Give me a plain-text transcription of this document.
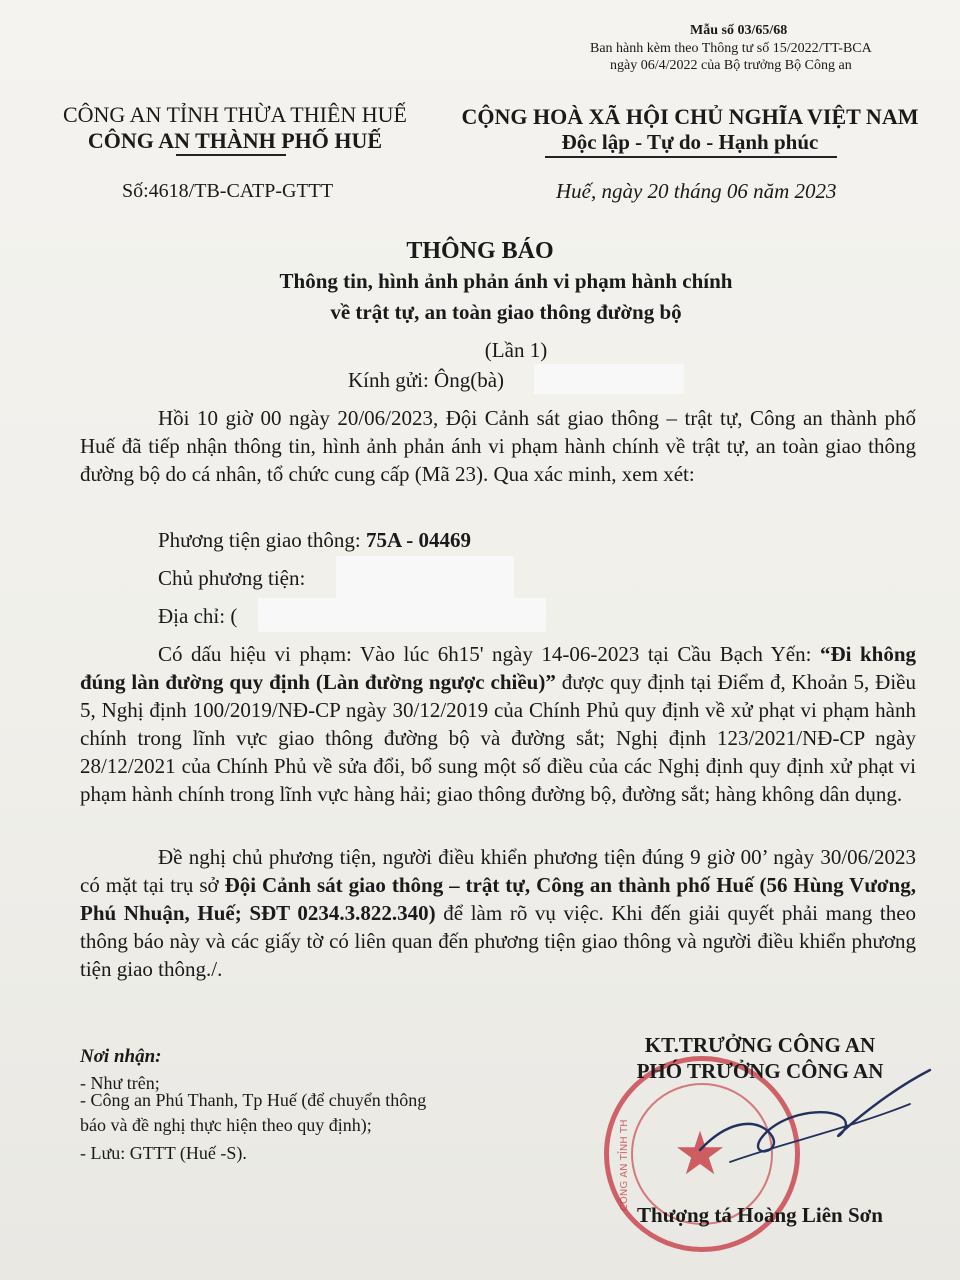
Mẫu số 03/65/68
Ban hành kèm theo Thông tư số 15/2022/TT-BCA
ngày 06/4/2022 của Bộ trưởng Bộ Công an
CÔNG AN TỈNH THỪA THIÊN HUẾ
CÔNG AN THÀNH PHỐ HUẾ
Số:4618/TB-CATP-GTTT
CỘNG HOÀ XÃ HỘI CHỦ NGHĨA VIỆT NAM
Độc lập - Tự do - Hạnh phúc
Huế, ngày 20 tháng 06 năm 2023
THÔNG BÁO
Thông tin, hình ảnh phản ánh vi phạm hành chính
về trật tự, an toàn giao thông đường bộ
(Lần 1)
Kính gửi: Ông(bà)
Hồi 10 giờ 00 ngày 20/06/2023, Đội Cảnh sát giao thông – trật tự, Công an thành phố Huế đã tiếp nhận thông tin, hình ảnh phản ánh vi phạm hành chính về trật tự, an toàn giao thông đường bộ do cá nhân, tổ chức cung cấp (Mã 23). Qua xác minh, xem xét:
Phương tiện giao thông: 75A - 04469
Chủ phương tiện:
Địa chỉ: (
Có dấu hiệu vi phạm: Vào lúc 6h15' ngày 14-06-2023 tại Cầu Bạch Yến: “Đi không đúng làn đường quy định (Làn đường ngược chiều)” được quy định tại Điểm đ, Khoản 5, Điều 5, Nghị định 100/2019/NĐ-CP ngày 30/12/2019 của Chính Phủ quy định về xử phạt vi phạm hành chính trong lĩnh vực giao thông đường bộ và đường sắt; Nghị định 123/2021/NĐ-CP ngày 28/12/2021 của Chính Phủ về sửa đổi, bổ sung một số điều của các Nghị định quy định xử phạt vi phạm hành chính trong lĩnh vực hàng hải; giao thông đường bộ, đường sắt; hàng không dân dụng.
Đề nghị chủ phương tiện, người điều khiển phương tiện đúng 9 giờ 00’ ngày 30/06/2023 có mặt tại trụ sở Đội Cảnh sát giao thông – trật tự, Công an thành phố Huế (56 Hùng Vương, Phú Nhuận, Huế; SĐT 0234.3.822.340) để làm rõ vụ việc. Khi đến giải quyết phải mang theo thông báo này và các giấy tờ có liên quan đến phương tiện giao thông và người điều khiển phương tiện giao thông./.
Nơi nhận:
- Như trên;
- Công an Phú Thanh, Tp Huế (để chuyển thông
báo và đề nghị thực hiện theo quy định);
- Lưu: GTTT (Huế -S).	CÔNG AN TỈNH TH ★
KT.TRƯỞNG CÔNG AN
PHÓ TRƯỞNG CÔNG AN
Thượng tá Hoàng Liên Sơn
